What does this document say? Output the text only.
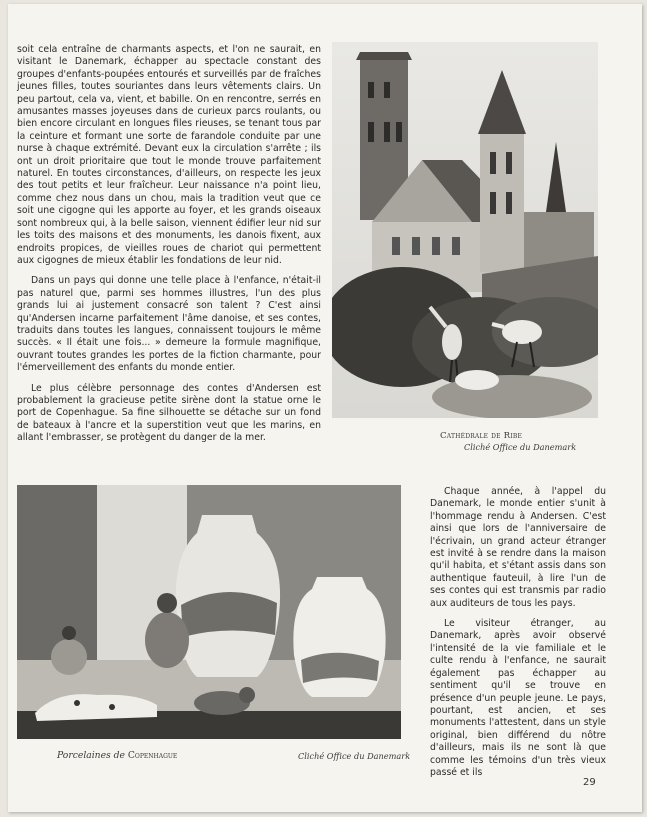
soit cela entraîne de charmants aspects, et l'on ne saurait, en visitant le Danemark, échapper au spectacle constant des groupes d'enfants-poupées entourés et surveillés par de fraîches jeunes filles, toutes souriantes dans leurs vêtements clairs. Un peu partout, cela va, vient, et babille. On en rencontre, serrés en amusantes masses joyeuses dans de curieux parcs roulants, ou bien encore circulant en longues files rieuses, se tenant tous par la ceinture et formant une sorte de farandole conduite par une nurse à chaque extrémité. Devant eux la circulation s'arrête ; ils ont un droit prioritaire que tout le monde trouve parfaitement naturel. En toutes circonstances, d'ailleurs, on respecte les jeux des tout petits et leur fraîcheur. Leur naissance n'a point lieu, comme chez nous dans un chou, mais la tradition veut que ce soit une cigogne qui les apporte au foyer, et les grands oiseaux sont nombreux qui, à la belle saison, viennent édifier leur nid sur les toits des maisons et des monuments, les danois fixent, aux endroits propices, de vieilles roues de chariot qui permettent aux cigognes de mieux établir les fondations de leur nid.

Dans un pays qui donne une telle place à l'enfance, n'était-il pas naturel que, parmi ses hommes illustres, l'un des plus grands lui ai justement consacré son talent ? C'est ainsi qu'Andersen incarne parfaitement l'âme danoise, et ses contes, traduits dans toutes les langues, connaissent toujours le même succès. « Il était une fois... » demeure la formule magnifique, ouvrant toutes grandes les portes de la fiction charmante, pour l'émerveillement des enfants du monde entier.

Le plus célèbre personnage des contes d'Andersen est probablement la gracieuse petite sirène dont la statue orne le port de Copenhague. Sa fine silhouette se détache sur un fond de bateaux à l'ancre et la superstition veut que les marins, en allant l'embrasser, se protègent du danger de la mer.	Cathédrale de Ribe
Cliché Office du Danemark
Porcelaines de Copenhague	Cliché Office du Danemark

Chaque année, à l'appel du Danemark, le monde entier s'unit à l'hommage rendu à Andersen. C'est ainsi que lors de l'anniversaire de l'écrivain, un grand acteur étranger est invité à se rendre dans la maison qu'il habita, et s'étant assis dans son authentique fauteuil, à lire l'un de ses contes qui est transmis par radio aux auditeurs de tous les pays.

Le visiteur étranger, au Danemark, après avoir observé l'intensité de la vie familiale et le culte rendu à l'enfance, ne saurait également pas échapper au sentiment qu'il se trouve en présence d'un peuple jeune. Le pays, pourtant, est ancien, et ses monuments l'attestent, dans un style original, bien différend du nôtre d'ailleurs, mais ils ne sont là que comme les témoins d'un très vieux passé et ils

29
